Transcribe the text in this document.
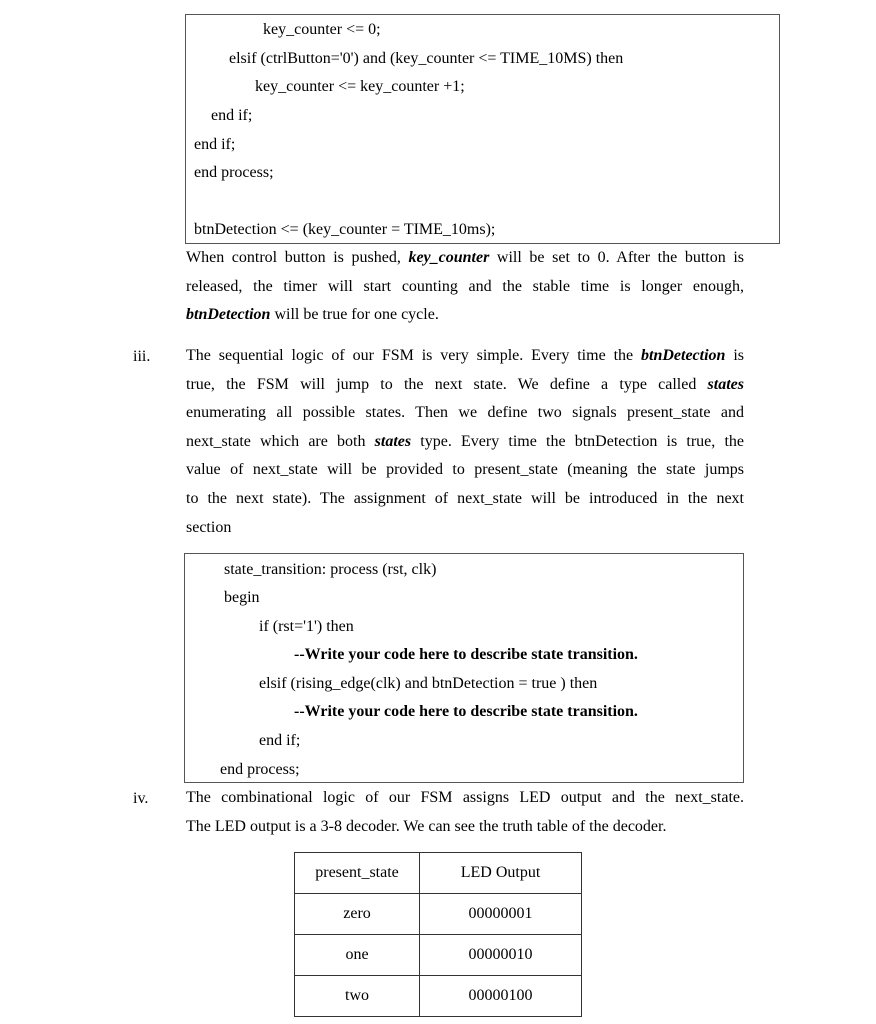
key_counter <= 0;
elsif (ctrlButton='0') and (key_counter <= TIME_10MS) then
key_counter <= key_counter +1;
end if;
end if;
end process;
btnDetection <= (key_counter = TIME_10ms);
When control button is pushed, key_counter will be set to 0. After the button is
released, the timer will start counting and the stable time is longer enough,
btnDetection will be true for one cycle.
iii. The sequential logic of our FSM is very simple. Every time the btnDetection is
true, the FSM will jump to the next state. We define a type called states
enumerating all possible states. Then we define two signals present_state and
next_state which are both states type. Every time the btnDetection is true, the
value of next_state will be provided to present_state (meaning the state jumps
to the next state). The assignment of next_state will be introduced in the next
section
state_transition: process (rst, clk)
begin
if (rst='1') then
--Write your code here to describe state transition.
elsif (rising_edge(clk) and btnDetection = true ) then
--Write your code here to describe state transition.
end if;
end process;
iv. The combinational logic of our FSM assigns LED output and the next_state.
The LED output is a 3-8 decoder. We can see the truth table of the decoder.
present_state	LED Output
zero	00000001
one	00000010
two	00000100
